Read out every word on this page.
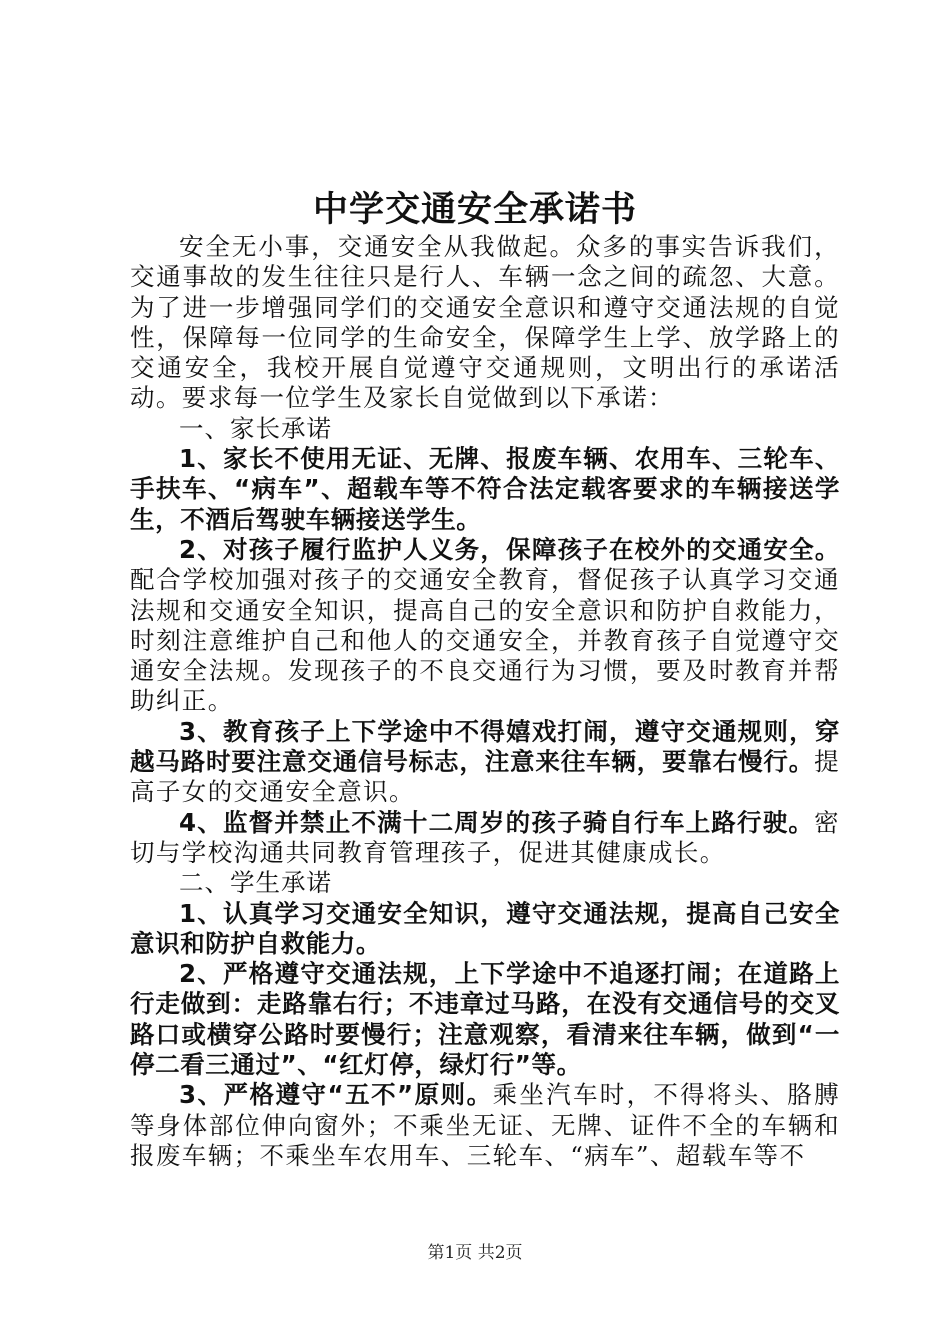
中学交通安全承诺书

安全无小事，交通安全从我做起。众多的事实告诉我们，交通事故的发生往往只是行人、车辆一念之间的疏忽、大意。为了进一步增强同学们的交通安全意识和遵守交通法规的自觉性，保障每一位同学的生命安全，保障学生上学、放学路上的交通安全，我校开展自觉遵守交通规则，文明出行的承诺活动。要求每一位学生及家长自觉做到以下承诺：

一、家长承诺

1、家长不使用无证、无牌、报废车辆、农用车、三轮车、手扶车、“病车”、超载车等不符合法定载客要求的车辆接送学生，不酒后驾驶车辆接送学生。

2、对孩子履行监护人义务，保障孩子在校外的交通安全。配合学校加强对孩子的交通安全教育，督促孩子认真学习交通法规和交通安全知识，提高自己的安全意识和防护自救能力，时刻注意维护自己和他人的交通安全，并教育孩子自觉遵守交通安全法规。发现孩子的不良交通行为习惯，要及时教育并帮助纠正。

3、教育孩子上下学途中不得嬉戏打闹，遵守交通规则，穿越马路时要注意交通信号标志，注意来往车辆，要靠右慢行。提高子女的交通安全意识。

4、监督并禁止不满十二周岁的孩子骑自行车上路行驶。密切与学校沟通共同教育管理孩子，促进其健康成长。

二、学生承诺

1、认真学习交通安全知识，遵守交通法规，提高自己安全意识和防护自救能力。

2、严格遵守交通法规，上下学途中不追逐打闹；在道路上行走做到：走路靠右行；不违章过马路，在没有交通信号的交叉路口或横穿公路时要慢行；注意观察，看清来往车辆，做到“一停二看三通过”、“红灯停，绿灯行”等。

3、严格遵守“五不”原则。乘坐汽车时，不得将头、胳膊等身体部位伸向窗外；不乘坐无证、无牌、证件不全的车辆和报废车辆；不乘坐车农用车、三轮车、“病车”、超载车等不

第1页 共2页
